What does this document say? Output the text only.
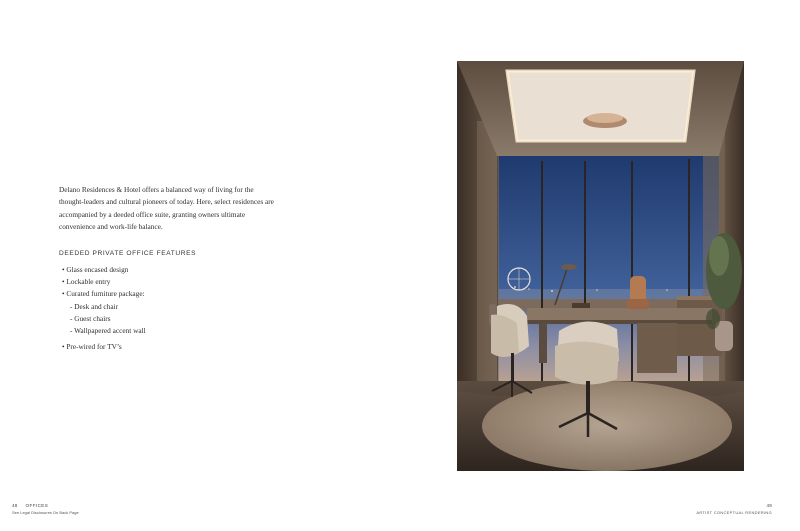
Delano Residences & Hotel offers a balanced way of living for the thought-leaders and cultural pioneers of today. Here, select residences are accompanied by a deeded office suite, granting owners ultimate convenience and work-life balance.
DEEDED PRIVATE OFFICE FEATURES
• Glass encased design
• Lockable entry
• Curated furniture package:
- Desk and chair
- Guest chairs
- Wallpapered accent wall
• Pre-wired for TV’s
48 OFFICES
See Legal Disclosures On Back Page
49
ARTIST CONCEPTUAL RENDERING
